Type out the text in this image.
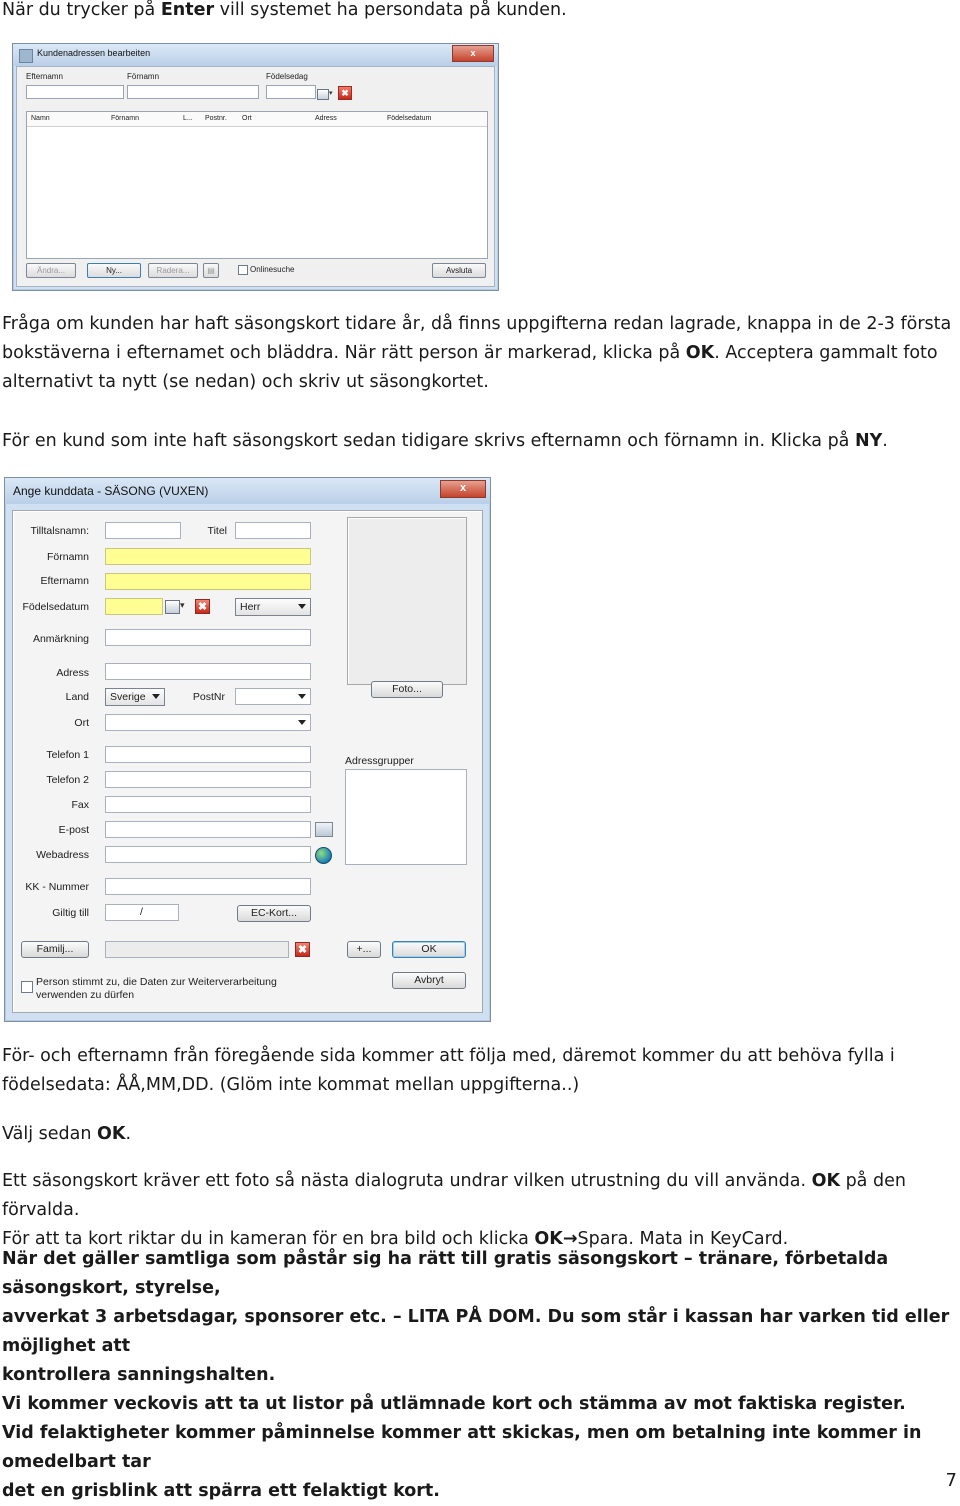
När du trycker på Enter vill systemet ha persondata på kunden.

Kundenadressen bearbeiten	x
Efternamn	Förnamn	Födelsedag
▾ ✖
Namn	Förnamn	L... Postnr. Ort	Adress	Födelsedatum
Ändra...	Ny...	Radera...	▤	Onlinesuche	Avsluta

Fråga om kunden har haft säsongskort tidare år, då finns uppgifterna redan lagrade, knappa in de 2-3 första
bokstäverna i efternamet och bläddra. När rätt person är markerad, klicka på OK. Acceptera gammalt foto
alternativt ta nytt (se nedan) och skriv ut säsongkortet.

För en kund som inte haft säsongskort sedan tidigare skrivs efternamn och förnamn in. Klicka på NY.

Ange kunddata - SÄSONG (VUXEN)	x
Tilltalsnamn:	Titel
Förnamn
Efternamn
Födelsedatum	▾ ✖	Herr
Anmärkning
Adress
Land	Sverige	PostNr
Ort
Telefon 1
Telefon 2
Fax
E-post
Webadress
KK - Nummer
Giltig till	/	EC-Kort...
Familj...	✖
Person stimmt zu, die Daten zur Weiterverarbeitung
verwenden zu dürfen
Foto...
Adressgrupper
+...	OK
Avbryt

För- och efternamn från föregående sida kommer att följa med, däremot kommer du att behöva fylla i
födelsedata: ÅÅ,MM,DD. (Glöm inte kommat mellan uppgifterna..)

Välj sedan OK.

Ett säsongskort kräver ett foto så nästa dialogruta undrar vilken utrustning du vill använda. OK på den förvalda.
För att ta kort riktar du in kameran för en bra bild och klicka OK→Spara. Mata in KeyCard.

När det gäller samtliga som påstår sig ha rätt till gratis säsongskort – tränare, förbetalda säsongskort, styrelse,
avverkat 3 arbetsdagar, sponsorer etc. – LITA PÅ DOM. Du som står i kassan har varken tid eller möjlighet att
kontrollera sanningshalten.
Vi kommer veckovis att ta ut listor på utlämnade kort och stämma av mot faktiska register.
Vid felaktigheter kommer påminnelse kommer att skickas, men om betalning inte kommer in omedelbart tar
det en grisblink att spärra ett felaktigt kort.	7
